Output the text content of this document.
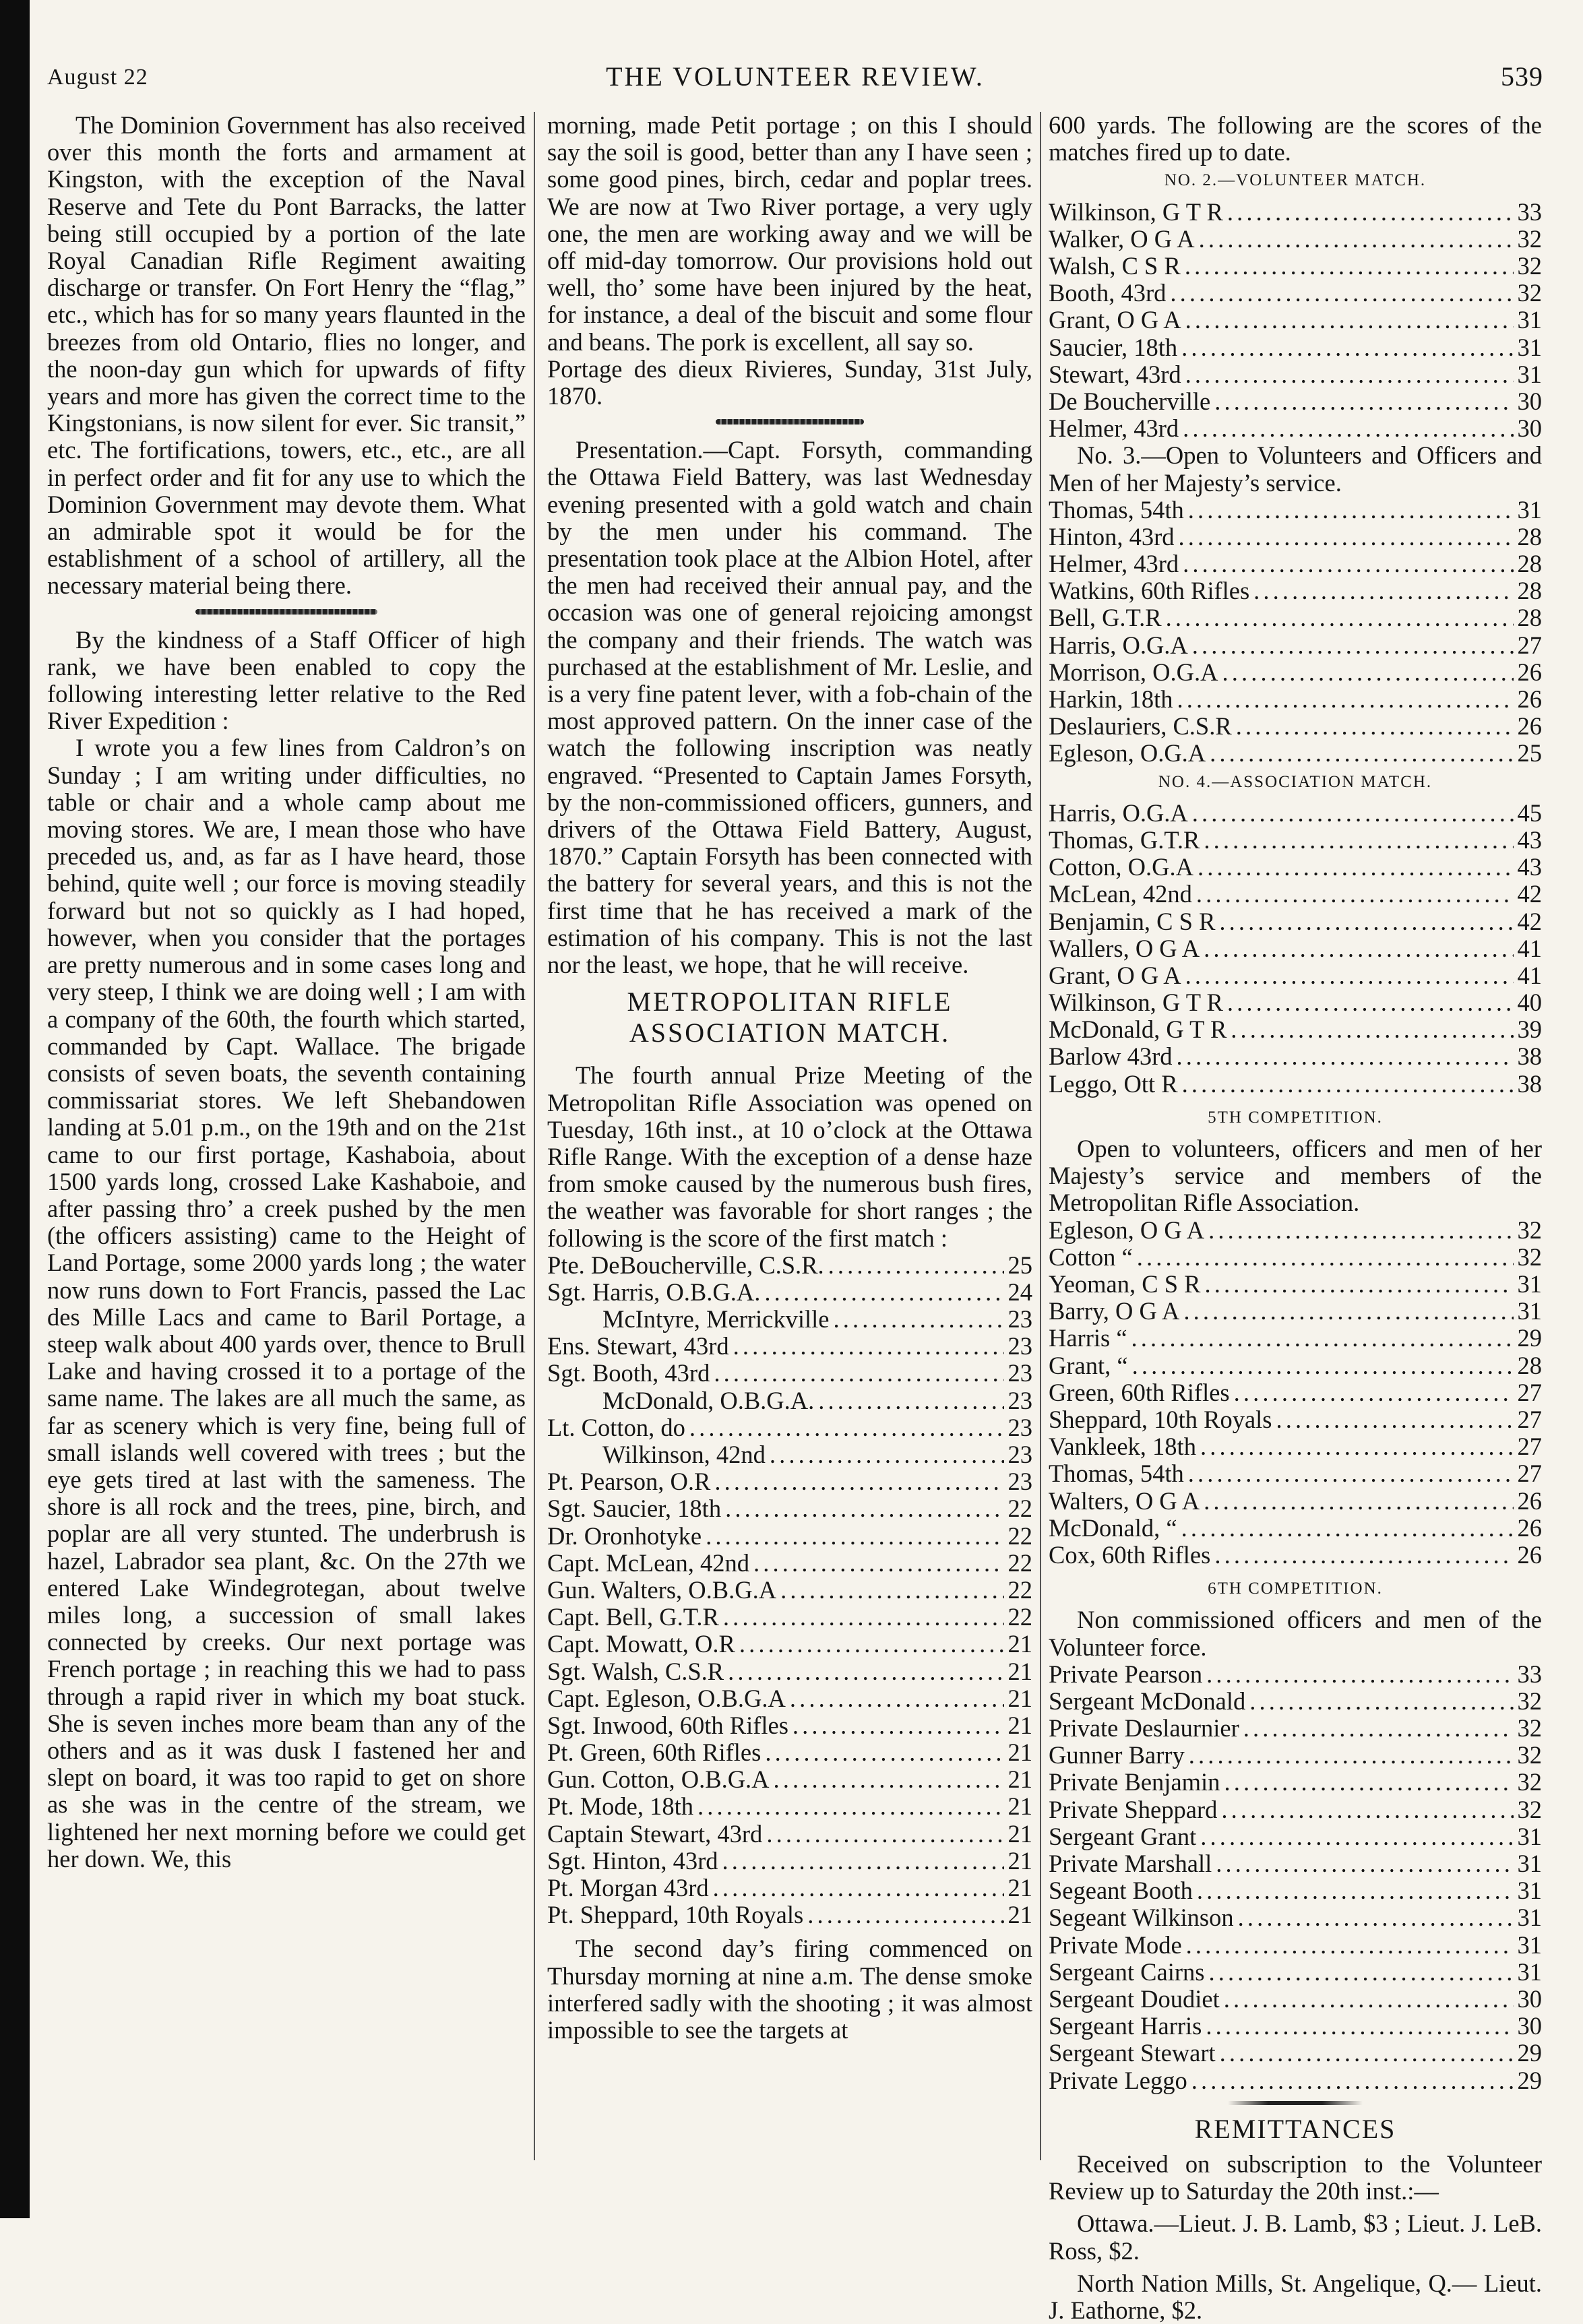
August 22	THE VOLUNTEER REVIEW.	539

The Dominion Government has also received over this month the forts and armament at Kingston, with the exception of the Naval Reserve and Tete du Pont Barracks, the latter being still occupied by a portion of the late Royal Canadian Rifle Regiment awaiting discharge or transfer. On Fort Henry the “flag,” etc., which has for so many years flaunted in the breezes from old Ontario, flies no longer, and the noon-day gun which for upwards of fifty years and more has given the correct time to the Kingstonians, is now silent for ever. Sic transit,” etc. The fortifications, towers, etc., etc., are all in perfect order and fit for any use to which the Dominion Government may devote them. What an admirable spot it would be for the establishment of a school of artillery, all the necessary material being there.

By the kindness of a Staff Officer of high rank, we have been enabled to copy the following interesting letter relative to the Red River Expedition :

I wrote you a few lines from Caldron’s on Sunday ; I am writing under difficulties, no table or chair and a whole camp about me moving stores. We are, I mean those who have preceded us, and, as far as I have heard, those behind, quite well ; our force is moving steadily forward but not so quickly as I had hoped, however, when you consider that the portages are pretty numerous and in some cases long and very steep, I think we are doing well ; I am with a company of the 60th, the fourth which started, commanded by Capt. Wallace. The brigade consists of seven boats, the seventh containing commissariat stores. We left Shebandowen landing at 5.01 p.m., on the 19th and on the 21st came to our first portage, Kashaboia, about 1500 yards long, crossed Lake Kashaboie, and after passing thro’ a creek pushed by the men (the officers assisting) came to the Height of Land Portage, some 2000 yards long ; the water now runs down to Fort Francis, passed the Lac des Mille Lacs and came to Baril Portage, a steep walk about 400 yards over, thence to Brull Lake and having crossed it to a portage of the same name. The lakes are all much the same, as far as scenery which is very fine, being full of small islands well covered with trees ; but the eye gets tired at last with the sameness. The shore is all rock and the trees, pine, birch, and poplar are all very stunted. The underbrush is hazel, Labrador sea plant, &c. On the 27th we entered Lake Windegrotegan, about twelve miles long, a succession of small lakes connected by creeks. Our next portage was French portage ; in reaching this we had to pass through a rapid river in which my boat stuck. She is seven inches more beam than any of the others and as it was dusk I fastened her and slept on board, it was too rapid to get on shore as she was in the centre of the stream, we lightened her next morning before we could get her down. We, this

morning, made Petit portage ; on this I should say the soil is good, better than any I have seen ; some good pines, birch, cedar and poplar trees. We are now at Two River portage, a very ugly one, the men are working away and we will be off mid-day tomorrow. Our provisions hold out well, tho’ some have been injured by the heat, for instance, a deal of the biscuit and some flour and beans. The pork is excellent, all say so.

Portage des dieux Rivieres, Sunday, 31st July, 1870.

Presentation.—Capt. Forsyth, commanding the Ottawa Field Battery, was last Wednesday evening presented with a gold watch and chain by the men under his command. The presentation took place at the Albion Hotel, after the men had received their annual pay, and the occasion was one of general rejoicing amongst the company and their friends. The watch was purchased at the establishment of Mr. Leslie, and is a very fine patent lever, with a fob-chain of the most approved pattern. On the inner case of the watch the following inscription was neatly engraved. “Presented to Captain James Forsyth, by the non-commissioned officers, gunners, and drivers of the Ottawa Field Battery, August, 1870.” Captain Forsyth has been connected with the battery for several years, and this is not the first time that he has received a mark of the estimation of his company. This is not the last nor the least, we hope, that he will receive.

METROPOLITAN RIFLE ASSOCIATION MATCH.

The fourth annual Prize Meeting of the Metropolitan Rifle Association was opened on Tuesday, 16th inst., at 10 o’clock at the Ottawa Rifle Range. With the exception of a dense haze from smoke caused by the numerous bush fires, the weather was favorable for short ranges ; the following is the score of the first match :

Pte. DeBoucherville, C.S.R. . . .	25
Sgt. Harris, O.B.G.A. . . .	24
McIntyre, Merrickville . . .	23
Ens. Stewart, 43rd . . .	23
Sgt. Booth, 43rd . . .	23
McDonald, O.B.G.A. . . .	23
Lt. Cotton, do . . .	23
Wilkinson, 42nd . . .	23
Pt. Pearson, O.R . . .	23
Sgt. Saucier, 18th . . .	22
Dr. Oronhotyke . . .	22
Capt. McLean, 42nd . . .	22
Gun. Walters, O.B.G.A . . .	22
Capt. Bell, G.T.R . . .	22
Capt. Mowatt, O.R . . .	21
Sgt. Walsh, C.S.R . . .	21
Capt. Egleson, O.B.G.A . . .	21
Sgt. Inwood, 60th Rifles . . .	21
Pt. Green, 60th Rifles . . .	21
Gun. Cotton, O.B.G.A . . .	21
Pt. Mode, 18th . . .	21
Captain Stewart, 43rd . . .	21
Sgt. Hinton, 43rd . . .	21
Pt. Morgan 43rd . . .	21
Pt. Sheppard, 10th Royals . . .	21

The second day’s firing commenced on Thursday morning at nine a.m. The dense smoke interfered sadly with the shooting ; it was almost impossible to see the targets at

600 yards. The following are the scores of the matches fired up to date.

NO. 2.—VOLUNTEER MATCH.
Wilkinson, G T R . . .	33
Walker, O G A . . .	32
Walsh, C S R . . .	32
Booth, 43rd . . .	32
Grant, O G A . . .	31
Saucier, 18th . . .	31
Stewart, 43rd . . .	31
De Boucherville . . .	30
Helmer, 43rd . . .	30

No. 3.—Open to Volunteers and Officers and Men of her Majesty’s service.

Thomas, 54th . . .	31
Hinton, 43rd . . .	28
Helmer, 43rd . . .	28
Watkins, 60th Rifles . . .	28
Bell, G.T.R . . .	28
Harris, O.G.A . . .	27
Morrison, O.G.A . . .	26
Harkin, 18th . . .	26
Deslauriers, C.S.R . . .	26
Egleson, O.G.A . . .	25
NO. 4.—ASSOCIATION MATCH.
Harris, O.G.A . . .	45
Thomas, G.T.R . . .	43
Cotton, O.G.A . . .	43
McLean, 42nd . . .	42
Benjamin, C S R . . .	42
Wallers, O G A . . .	41
Grant, O G A . . .	41
Wilkinson, G T R . . .	40
McDonald, G T R . . .	39
Barlow 43rd . . .	38
Leggo, Ott R . . .	38
5TH COMPETITION.

Open to volunteers, officers and men of her Majesty’s service and members of the Metropolitan Rifle Association.

Egleson, O G A . . .	32
Cotton “ . . .	32
Yeoman, C S R . . .	31
Barry, O G A . . .	31
Harris “ . . .	29
Grant, “ . . .	28
Green, 60th Rifles . . .	27
Sheppard, 10th Royals . . .	27
Vankleek, 18th . . .	27
Thomas, 54th . . .	27
Walters, O G A . . .	26
McDonald, “ . . .	26
Cox, 60th Rifles . . .	26
6TH COMPETITION.

Non commissioned officers and men of the Volunteer force.

Private Pearson . . .	33
Sergeant McDonald . . .	32
Private Deslaurnier . . .	32
Gunner Barry . . .	32
Private Benjamin . . .	32
Private Sheppard . . .	32
Sergeant Grant . . .	31
Private Marshall . . .	31
Segeant Booth . . .	31
Segeant Wilkinson . . .	31
Private Mode . . .	31
Sergeant Cairns . . .	31
Sergeant Doudiet . . .	30
Sergeant Harris . . .	30
Sergeant Stewart . . .	29
Private Leggo . . .	29
REMITTANCES

Received on subscription to the Volunteer Review up to Saturday the 20th inst.:—

Ottawa.—Lieut. J. B. Lamb, $3 ; Lieut. J. LeB. Ross, $2.

North Nation Mills, St. Angelique, Q.— Lieut. J. Eathorne, $2.
